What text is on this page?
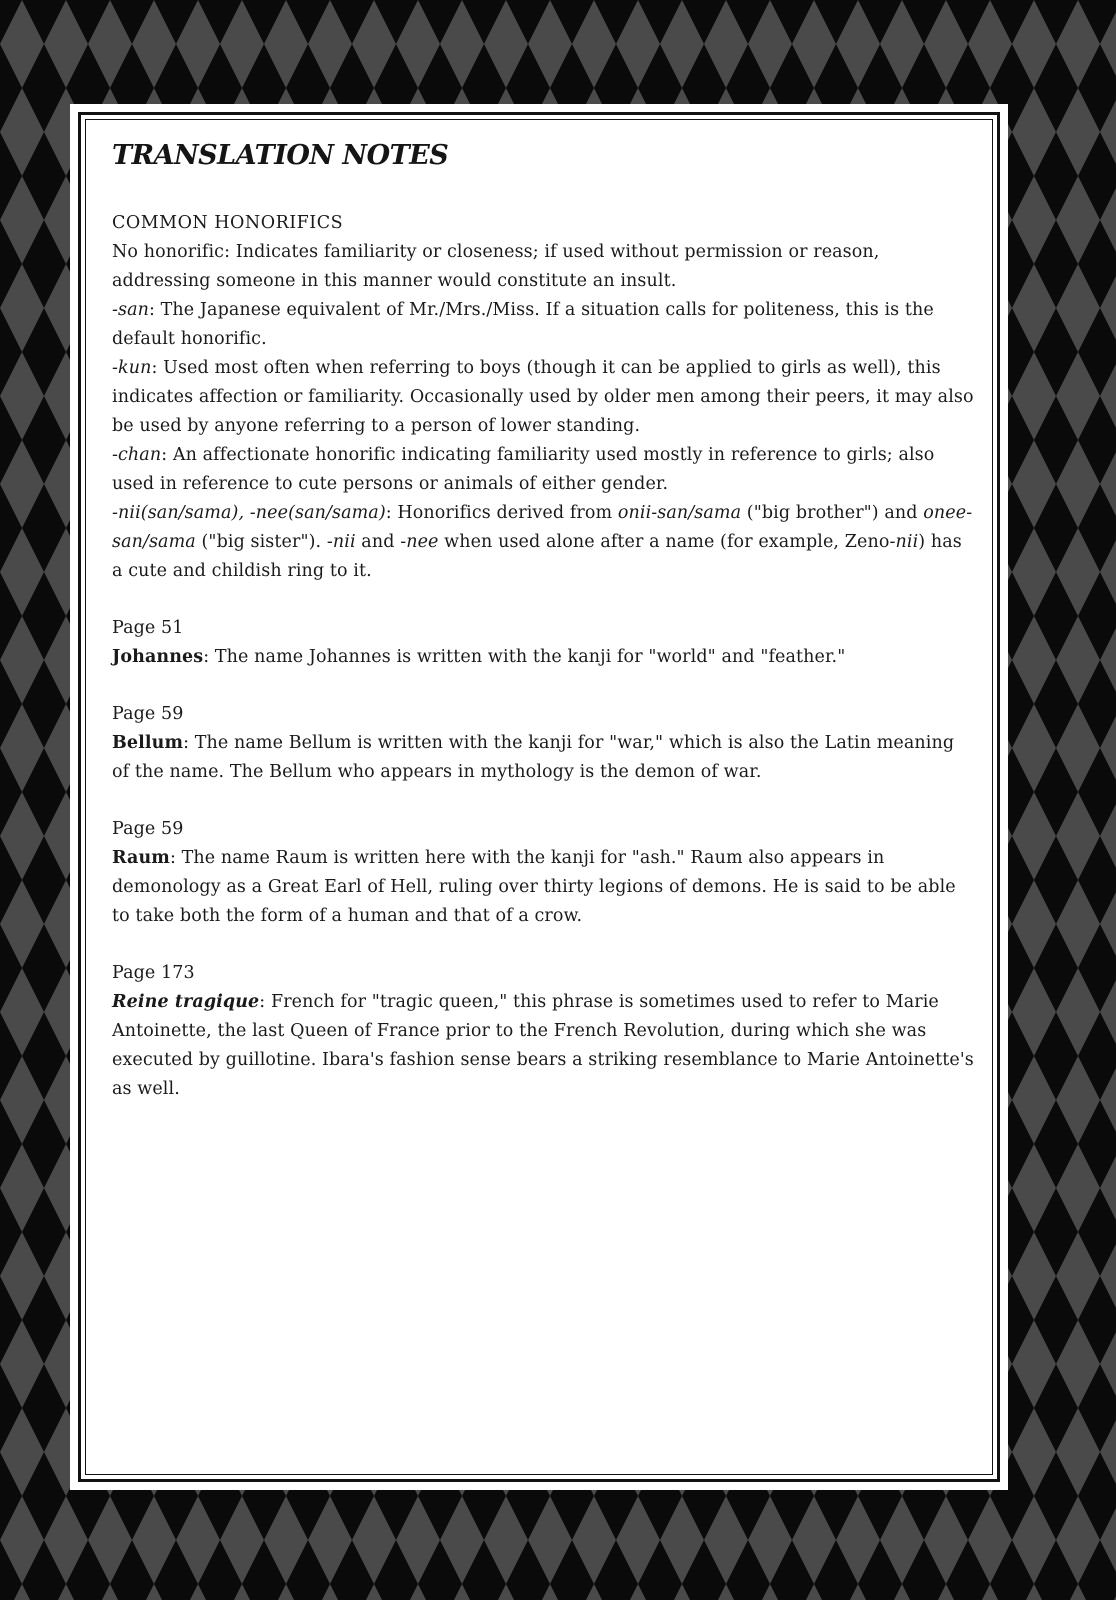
TRANSLATION NOTES

COMMON HONORIFICS

No honorific: Indicates familiarity or closeness; if used without permission or reason, addressing someone in this manner would constitute an insult.

-san: The Japanese equivalent of Mr./Mrs./Miss. If a situation calls for politeness, this is the default honorific.

-kun: Used most often when referring to boys (though it can be applied to girls as well), this indicates affection or familiarity. Occasionally used by older men among their peers, it may also be used by anyone referring to a person of lower standing.

-chan: An affectionate honorific indicating familiarity used mostly in reference to girls; also used in reference to cute persons or animals of either gender.

-nii(san/sama), -nee(san/sama): Honorifics derived from onii-san/sama ("big brother") and onee-san/sama ("big sister"). -nii and -nee when used alone after a name (for example, Zeno-nii) has a cute and childish ring to it.

Page 51

Johannes: The name Johannes is written with the kanji for "world" and "feather."

Page 59

Bellum: The name Bellum is written with the kanji for "war," which is also the Latin meaning of the name. The Bellum who appears in mythology is the demon of war.

Page 59

Raum: The name Raum is written here with the kanji for "ash." Raum also appears in demonology as a Great Earl of Hell, ruling over thirty legions of demons. He is said to be able to take both the form of a human and that of a crow.

Page 173

Reine tragique: French for "tragic queen," this phrase is sometimes used to refer to Marie Antoinette, the last Queen of France prior to the French Revolution, during which she was executed by guillotine. Ibara's fashion sense bears a striking resemblance to Marie Antoinette's as well.
